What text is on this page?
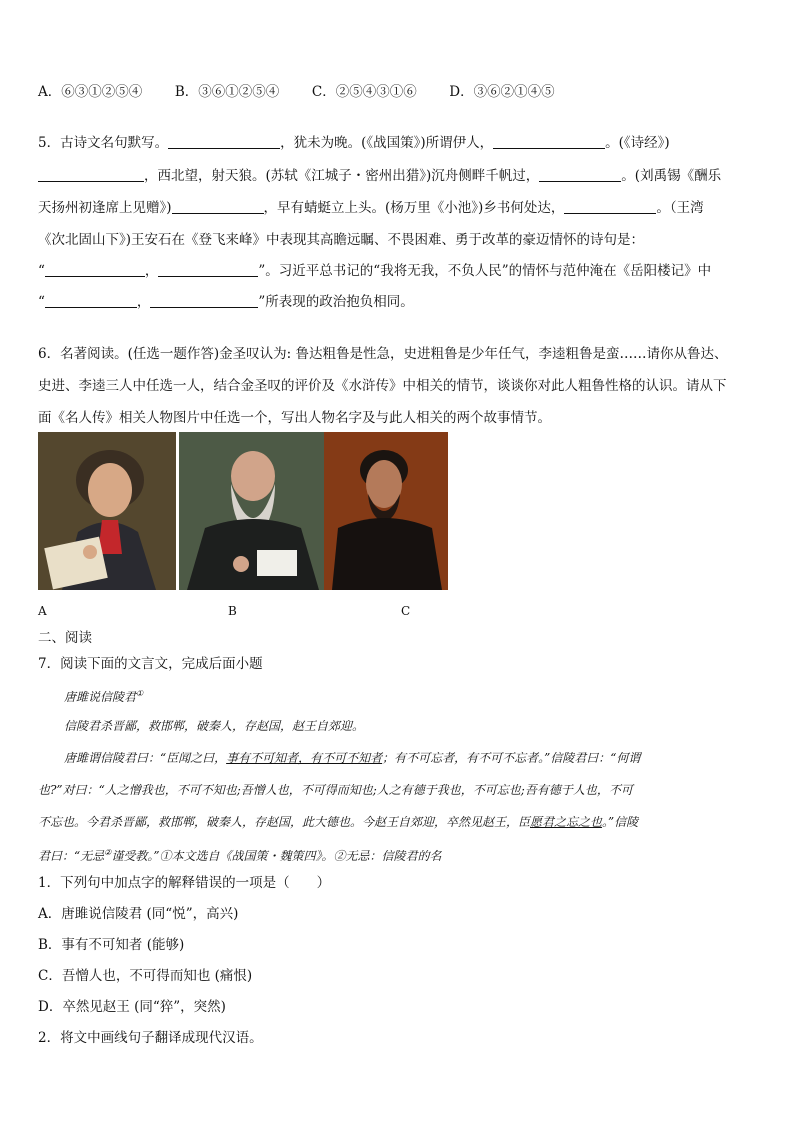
A．⑥③①②⑤④ B．③⑥①②⑤④ C．②⑤④③①⑥ D．③⑥②①④⑤
5．古诗文名句默写。	，犹未为晚。(《战国策》)所谓伊人，	。(《诗经》)
，西北望，射天狼。(苏轼《江城子・密州出猎》)沉舟侧畔千帆过，	。(刘禹锡《酬乐
天扬州初逢席上见赠》)	，早有蜻蜓立上头。(杨万里《小池》)乡书何处达，	。（王湾
《次北固山下》)王安石在《登飞来峰》中表现其高瞻远瞩、不畏困难、勇于改革的豪迈情怀的诗句是：
“	，	”。习近平总书记的“我将无我，不负人民”的情怀与范仲淹在《岳阳楼记》中
“	，	”所表现的政治抱负相同。
6．名著阅读。(任选一题作答)金圣叹认为: 鲁达粗鲁是性急，史进粗鲁是少年任气，李逵粗鲁是蛮……请你从鲁达、
史进、李逵三人中任选一人，结合金圣叹的评价及《水浒传》中相关的情节，谈谈你对此人粗鲁性格的认识。请从下
面《名人传》相关人物图片中任选一个，写出人物名字及与此人相关的两个故事情节。
A	B	C
二、阅读
7．阅读下面的文言文，完成后面小题
唐雎说信陵君①
信陵君杀晋鄙，救邯郸，破秦人，存赵国，赵王自郊迎。
唐雎谓信陵君曰：“臣闻之曰，事有不可知者，有不可不知者；有不可忘者，有不可不忘者。”信陵君曰：“何谓
也?”对曰：“人之憎我也，不可不知也;吾憎人也，不可得而知也;人之有德于我也，不可忘也;吾有德于人也，不可
不忘也。今君杀晋鄙，救邯郸，破秦人，存赵国，此大德也。今赵王自郊迎，卒然见赵王，臣愿君之忘之也。”信陵
君曰：“无忌②谨受教。”①本文选自《战国策・魏策四》。②无忌：信陵君的名
1．下列句中加点字的解释错误的一项是（　　）
A．唐雎说信陵君 (同“悦”，高兴)
B．事有不可知者 (能够)
C．吾憎人也，不可得而知也 (痛恨)
D．卒然见赵王 (同“猝”，突然)
2．将文中画线句子翻译成现代汉语。
